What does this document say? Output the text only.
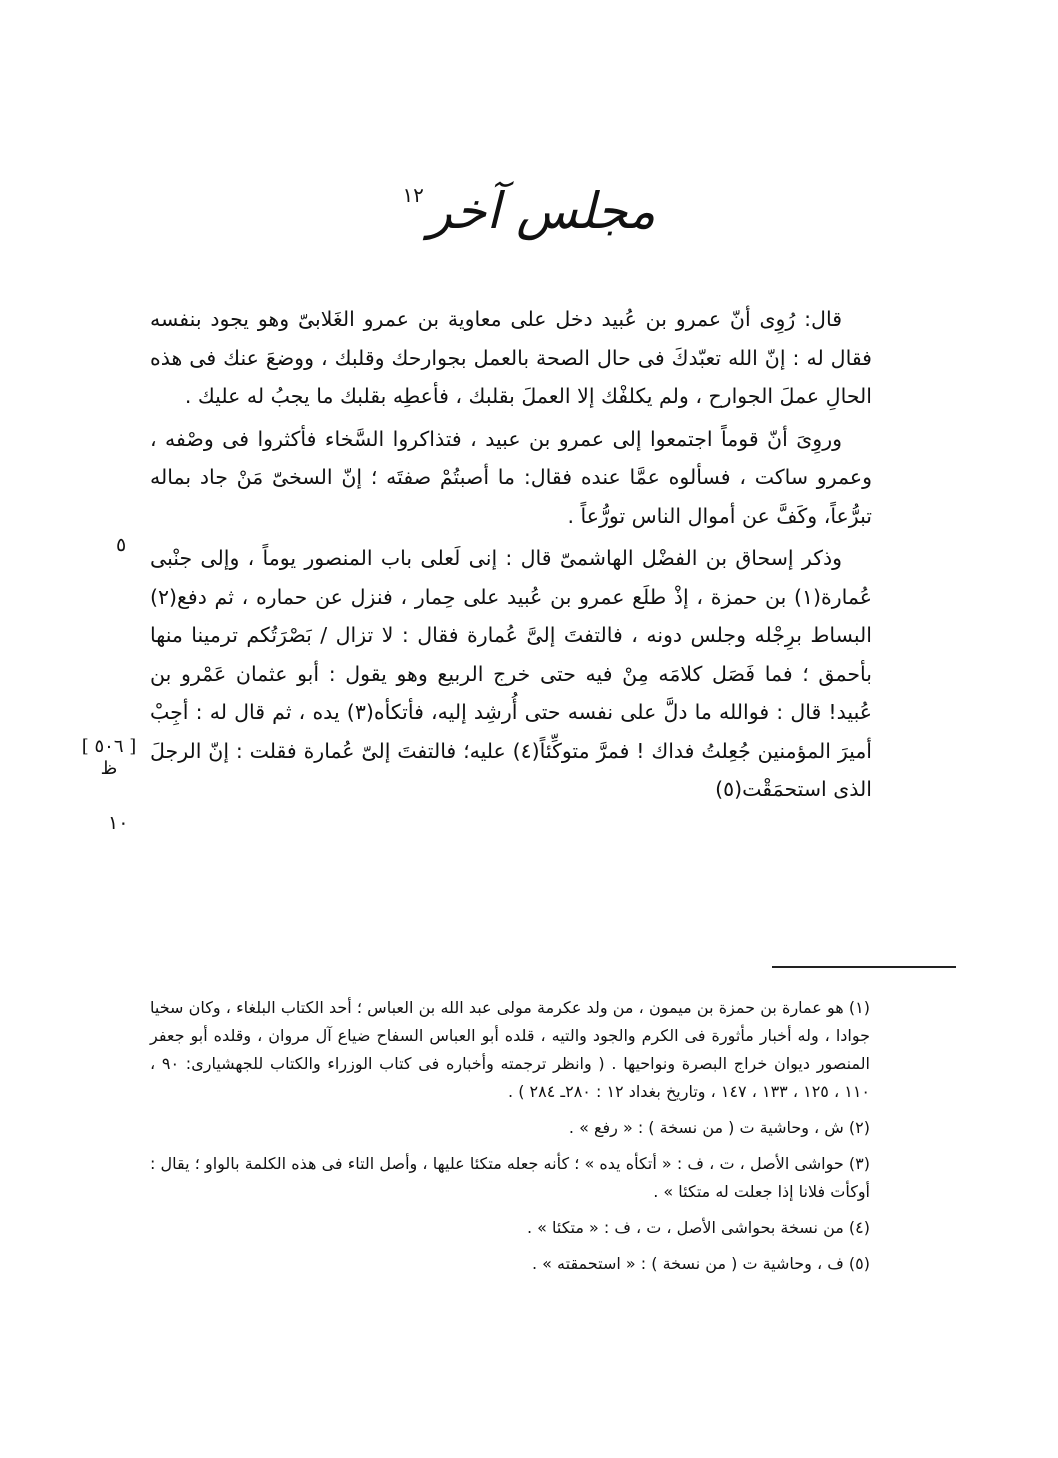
مجلس آخر١٢

قال: رُوِى أنّ عمرو بن عُبيد دخل على معاوية بن عمرو الغَلابىّ وهو يجود بنفسه فقال له : إنّ الله تعبّدكَ فى حال الصحة بالعمل بجوارحك وقلبك ، ووضعَ عنك فى هذه الحالِ عملَ الجوارح ، ولم يكلفْك إلا العملَ بقلبك ، فأعطِه بقلبك ما يجبُ له عليك .

وروِىَ أنّ قوماً اجتمعوا إلى عمرو بن عبيد ، فتذاكروا السَّخاء فأكثروا فى وصْفه ، وعمرو ساكت ، فسألوه عمَّا عنده فقال: ما أصبتُمْ صفتَه ؛ إنّ السخىّ مَنْ جاد بماله تبرُّعاً، وكَفَّ عن أموال الناس تورُّعاً .

وذكر إسحاق بن الفضْل الهاشمىّ قال : إنى لَعلى باب المنصور يوماً ، وإلى جنْبى عُمارة(١) بن حمزة ، إذْ طلَع عمرو بن عُبيد على حِمار ، فنزل عن حماره ، ثم دفع(٢) البساط برِجْله وجلس دونه ، فالتفتَ إلىَّ عُمارة فقال : لا تزال / بَصْرَتُكم ترمينا منها بأحمق ؛ فما فَصَل كلامَه مِنْ فيه حتى خرج الربيع وهو يقول : أبو عثمان عَمْرو بن عُبيد! قال : فوالله ما دلَّ على نفسه حتى أُرشِد إليه، فأتكأه(٣) يده ، ثم قال له : أجِبْ أميرَ المؤمنين جُعِلتُ فداك ! فمرَّ متوكِّئاً(٤) عليه؛ فالتفتَ إلىّ عُمارة فقلت : إنّ الرجلَ الذى استحمَقْت(٥)

٥
١٠
[ ٥٠٦ ]
ظ

(١) هو عمارة بن حمزة بن ميمون ، من ولد عكرمة مولى عبد الله بن العباس ؛ أحد الكتاب البلغاء ، وكان سخيا جوادا ، وله أخبار مأثورة فى الكرم والجود والتيه ، قلده أبو العباس السفاح ضياع آل مروان ، وقلده أبو جعفر المنصور ديوان خراج البصرة ونواحيها . ( وانظر ترجمته وأخباره فى كتاب الوزراء والكتاب للجهشيارى: ٩٠ ، ١١٠ ، ١٢٥ ، ١٣٣ ، ١٤٧ ، وتاريخ بغداد ١٢ : ٢٨٠ـ ٢٨٤ ) .

(٢) ش ، وحاشية ت ( من نسخة ) : « رفع » .

(٣) حواشى الأصل ، ت ، ف : « أتكأه يده » ؛ كأنه جعله متكئا عليها ، وأصل التاء فى هذه الكلمة بالواو ؛ يقال : أوكأت فلانا إذا جعلت له متكئا » .

(٤) من نسخة بحواشى الأصل ، ت ، ف : « متكئا » .

(٥) ف ، وحاشية ت ( من نسخة ) : « استحمقته » .
